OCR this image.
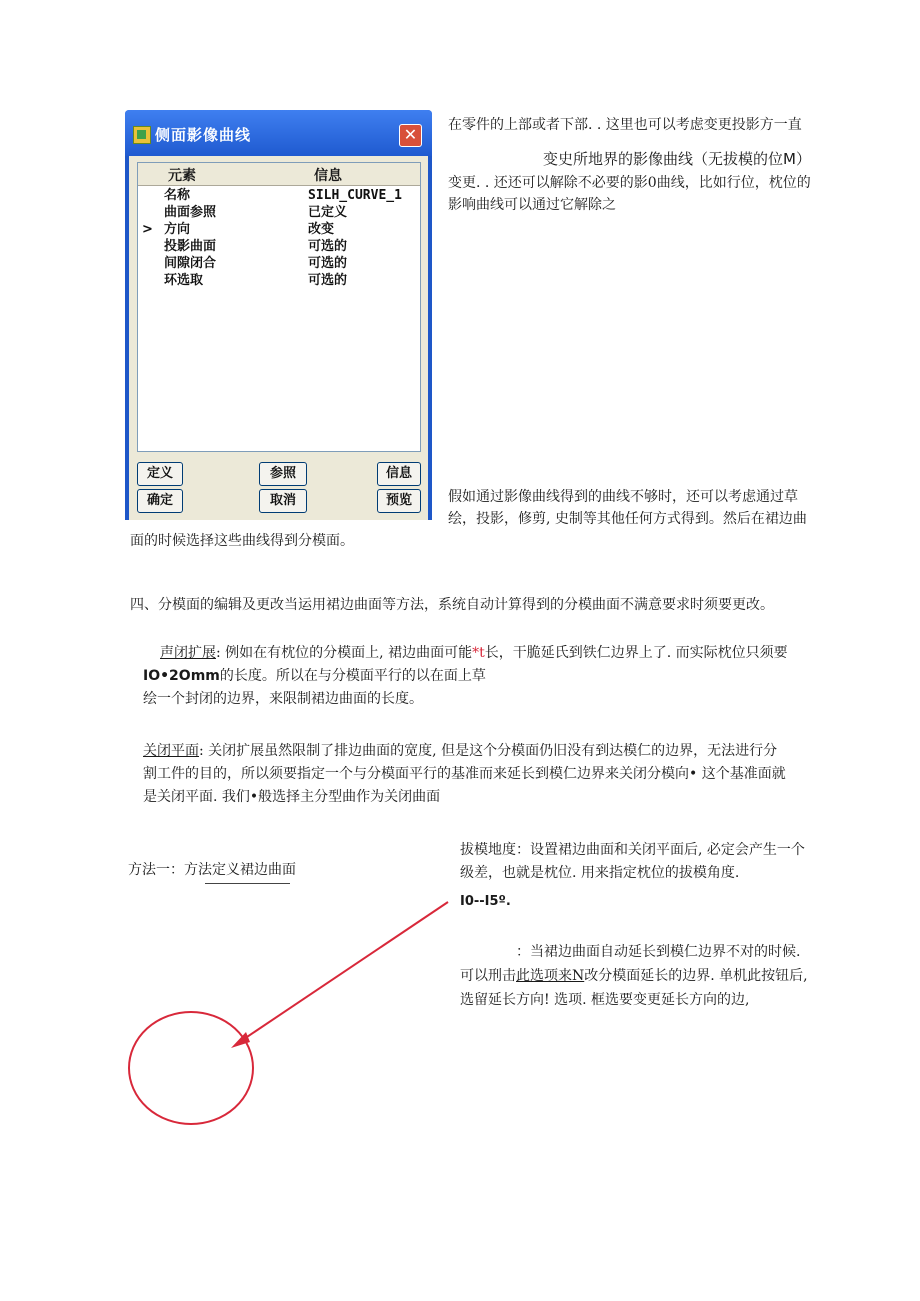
侧面影像曲线	✕
元素	信息
>
名称	SILH_CURVE_1
曲面参照	已定义
方向	改变
投影曲面	可选的
间隙闭合	可选的
环选取	可选的
定义	参照	信息
确定	取消	预览
在零件的上部或者下部. . 这里也可以考虑变更投影方一直
变史所地界的影像曲线（无拔模的位M）
变更. . 还还可以解除不必要的影0曲线，比如行位，枕位的
影响曲线可以通过它解除之
假如通过影像曲线得到的曲线不够时，还可以考虑通过草
绘，投影，修剪, 史制等其他任何方式得到。然后在裙边曲
面的时候选择这些曲线得到分模面。
四、分模面的编辑及更改当运用裙边曲面等方法，系统自动计算得到的分模曲面不满意要求时须要更改。
声闭扩展: 例如在有枕位的分模面上, 裙边曲面可能*t长，干脆延氏到铁仁边界上了. 而实际枕位只须要
IO•2Omm的长度。所以在与分模面平行的以在面上草
绘一个封闭的边界，来限制裙边曲面的长度。
关闭平面: 关闭扩展虽然限制了排边曲面的宽度, 但是这个分模面仍旧没有到达模仁的边界，无法进行分
割工件的目的，所以须要指定一个与分模面平行的基准而来延长到模仁边界来关闭分模向• 这个基准面就
是关闭平面. 我们•般选择主分型曲作为关闭曲面
拔模地度：设置裙边曲面和关闭平面后, 必定会产生一个
级差，也就是枕位. 用来指定枕位的拔模角度.
I0--I5º.
方法一：方法定义裙边曲面
：当裙边曲面自动延长到模仁边界不对的时候.
可以刑击此选项来N改分模面延长的边界. 单机此按钮后,
选留延长方向! 选项. 框选要变更延长方向的边,
